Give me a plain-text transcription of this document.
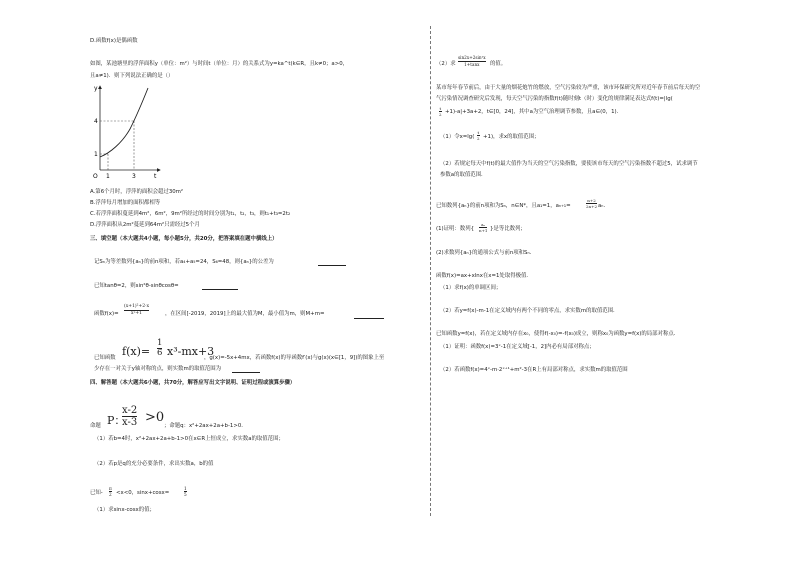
D.函数f(x)是偶函数
如图，某池塘里的浮萍面积y（单位：m²）与时间t（单位：月）的关系式为y=ka^t(k∈R，且k≠0；a>0，
且a≠1)．则下列说法正确的是（）
y
t
O
4
1
1	3
A.第6个月时，浮萍的面积会超过30m²
B.浮萍每月增加的面积都相等
C.若浮萍面积蔓延到4m²，6m²，9m²所经过的时间分别为t₁，t₂，t₃，则t₁+t₃=2t₂
D.浮萍面积从2m²蔓延到64m²只需经过5个月
三、填空题（本大题共4小题，每小题5分，共20分，把答案填在题中横线上）
记Sₙ为等差数列{aₙ}的前n项和，若a₄+a₅=24，S₆=48，则{aₙ}的公差为
已知tanθ=2，则sin²θ-sinθcosθ=
函数f(x)=
(x+1)²+2·x
x²+1	，在区间[-2019，2019]上的最大值为M，最小值为m，则M+m=
f(x)=
1
6 x³-mx+3
已知函数	，g(x)=-5x+4mx，若函数f(x)的导函数f′(x)与g(x)(x∈[1，9])的图象上至
少存在一对关于y轴对称的点，则实数m的取值范围为
四、解答题（本大题共6小题，共70分，解答应写出文字说明、证明过程或演算步骤）
P：
x-2
x-3 >0
命题	；命题q：x²+2ax+2a+b-1>0．
（1）若b=4时，x²+2ax+2a+b-1>0在x∈R上恒成立，求实数a的取值范围；
（2）若p是q的充分必要条件，求出实数a，b的值
已知-
π
2 <x<0，sinx+cosx=
1
5
（1）求sinx-cosx的值；
（2）求
sin2x+2sin²x
1+tanx 的值。
某市每年春节前后，由于大量的烟花炮竹的燃放，空气污染较为严重，该市环保研究所对近年春节前后每天的空
气污染情况调查研究后发现，每天空气污染的指数f(t)随时刻t（时）变化的规律满足表达式f(t)=|lg(
t
2 +1)-a|+3a+2，t∈[0，24]，其中a为空气治理调节参数，且a∈(0，1)．
（1）令x=lg(
t
2 +1)，求x的取值范围；
（2）若规定每天中f(t)的最大值作为当天的空气污染指数，要使该市每天的空气污染指数不超过5，试求调节
参数a的取值范围．
已知数列{aₙ}的前n项和为Sₙ，n∈N*，且a₁=1，aₙ₊₁=
n+2
2n+2 aₙ．
(1)证明：数列{
aₙ
n+1 }是等比数列；
(2)求数列{aₙ}的通项公式与前n项和Sₙ．
函数f(x)=ax+xlnx在x=1处取得极值．
（1）求f(x)的单调区间；
（2）若y=f(x)-m-1在定义域内有两个不同的零点，求实数m的取值范围．
已知函数y=f(x)，若在定义域内存在x₀，使得f(-x₀)=-f(x₀)成立，则称x₀为函数y=f(x)的局部对称点．
（1）证明：函数f(x)=3ˣ-1在定义域[-1，2]内必有局部对称点；
（2）若函数f(x)=4ˣ-m·2ˣ⁺¹+m²-3在R上有局部对称点，求实数m的取值范围
